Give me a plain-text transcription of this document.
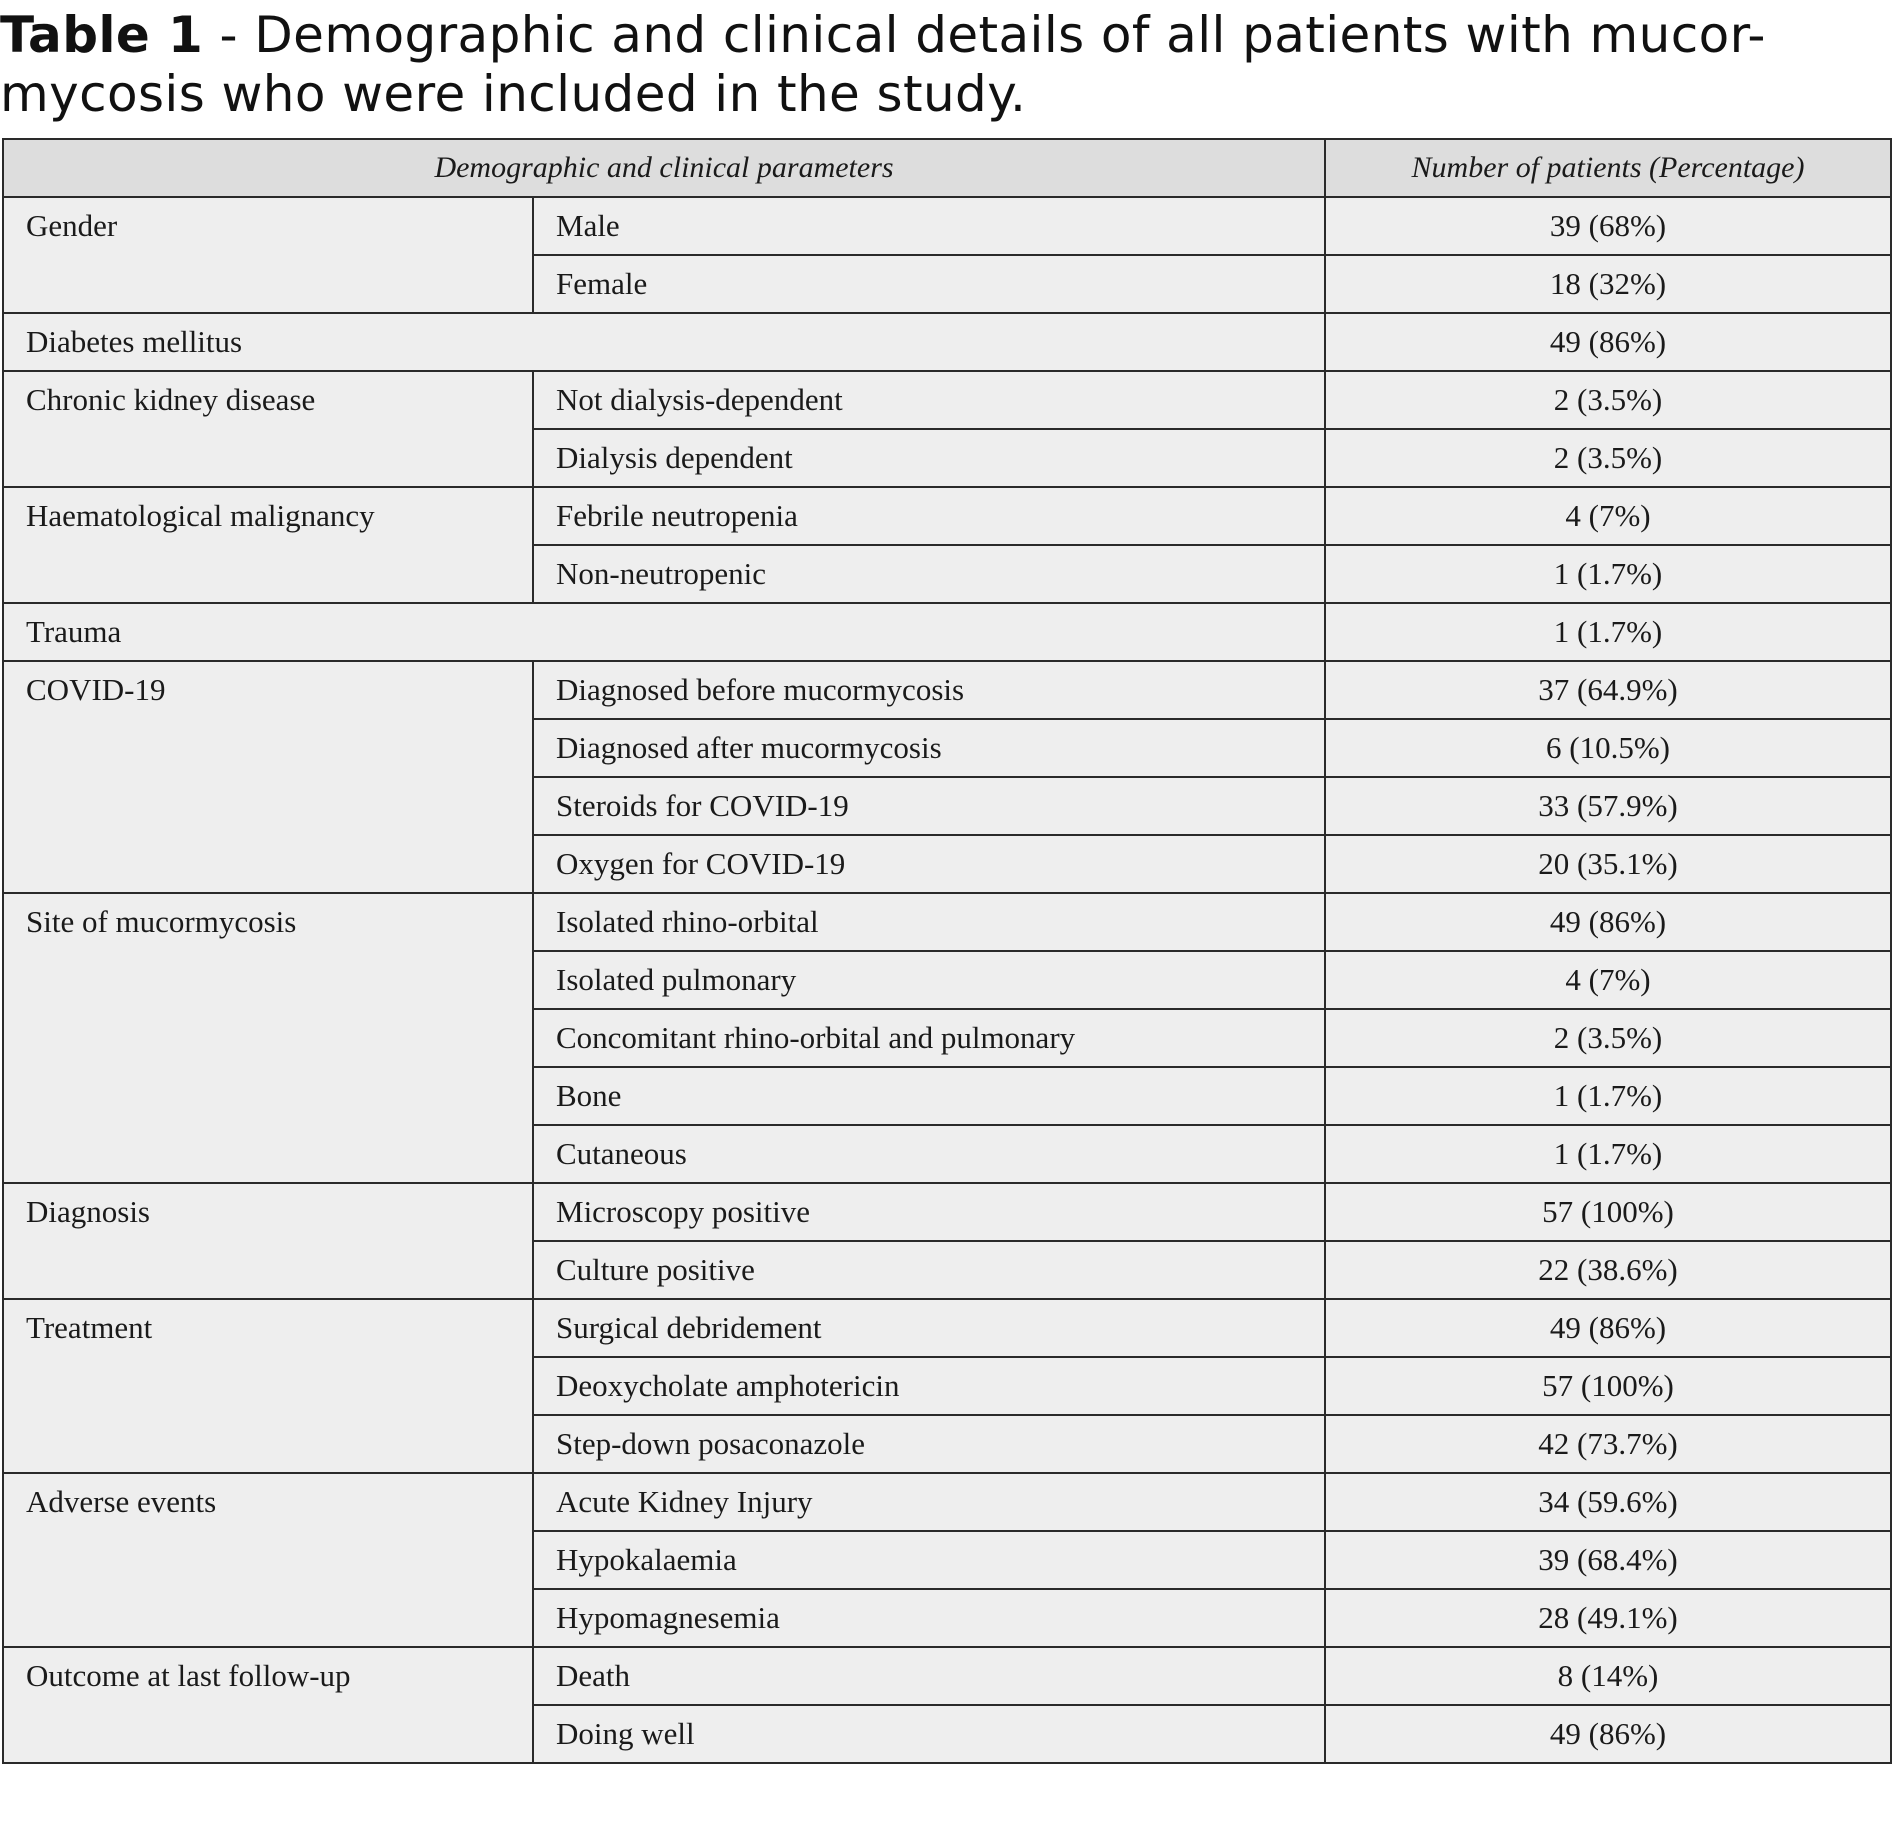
Table 1 - Demographic and clinical details of all patients with mucor-
mycosis who were included in the study.
Demographic and clinical parameters		Number of patients (Percentage)
Gender	Male	39 (68%)
	Female	18 (32%)
Diabetes mellitus		49 (86%)
Chronic kidney disease	Not dialysis-dependent	2 (3.5%)
	Dialysis dependent	2 (3.5%)
Haematological malignancy	Febrile neutropenia	4 (7%)
	Non-neutropenic	1 (1.7%)
Trauma		1 (1.7%)
COVID-19	Diagnosed before mucormycosis	37 (64.9%)
	Diagnosed after mucormycosis	6 (10.5%)
	Steroids for COVID-19	33 (57.9%)
	Oxygen for COVID-19	20 (35.1%)
Site of mucormycosis	Isolated rhino-orbital	49 (86%)
	Isolated pulmonary	4 (7%)
	Concomitant rhino-orbital and pulmonary	2 (3.5%)
	Bone	1 (1.7%)
	Cutaneous	1 (1.7%)
Diagnosis	Microscopy positive	57 (100%)
	Culture positive	22 (38.6%)
Treatment	Surgical debridement	49 (86%)
	Deoxycholate amphotericin	57 (100%)
	Step-down posaconazole	42 (73.7%)
Adverse events	Acute Kidney Injury	34 (59.6%)
	Hypokalaemia	39 (68.4%)
	Hypomagnesemia	28 (49.1%)
Outcome at last follow-up	Death	8 (14%)
	Doing well	49 (86%)
